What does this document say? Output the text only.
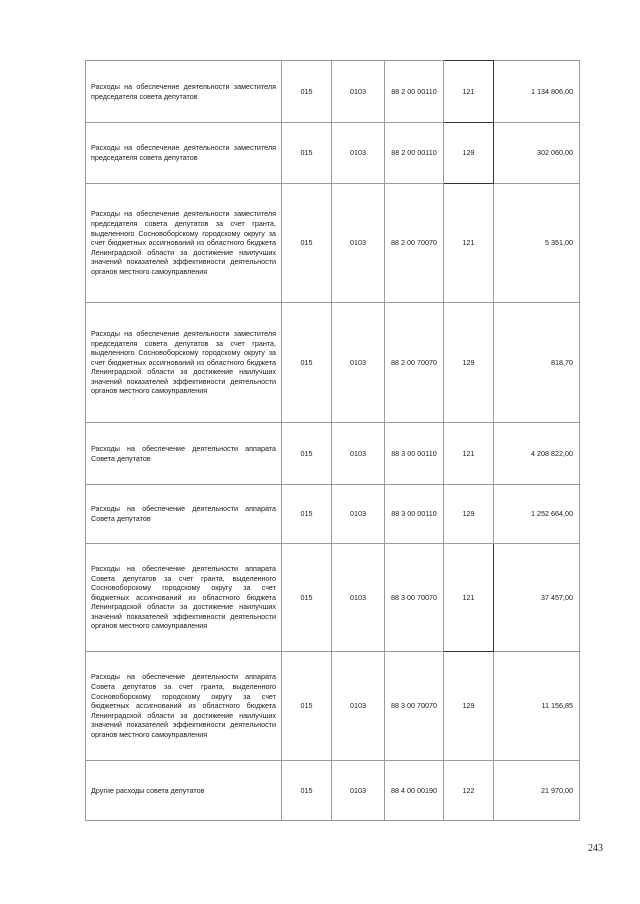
Расходы на обеспечение деятельности заместителя председателя совета депутатов	015	0103	88 2 00 00110	121	1 134 806,00
Расходы на обеспечение деятельности заместителя председателя совета депутатов	015	0103	88 2 00 00110	129	302 060,00
Расходы на обеспечение деятельности заместителя председателя совета депутатов за счет гранта, выделенного Сосновоборскому городскому округу за счет бюджетных ассигнований из областного бюджета Ленинградской области за достижение наилучших значений показателей эффективности деятельности органов местного самоуправления	015	0103	88 2 00 70070	121	5 351,00
Расходы на обеспечение деятельности заместителя председателя совета депутатов за счет гранта, выделенного Сосновоборскому городскому округу за счет бюджетных ассигнований из областного бюджета Ленинградской области за достижение наилучших значений показателей эффективности деятельности органов местного самоуправления	015	0103	88 2 00 70070	129	818,70
Расходы на обеспечение деятельности аппарата Совета депутатов	015	0103	88 3 00 00110	121	4 208 822,00
Расходы на обеспечение деятельности аппарата Совета депутатов	015	0103	88 3 00 00110	129	1 252 664,00
Расходы на обеспечение деятельности аппарата Совета депутатов за счет гранта, выделенного Сосновоборскому городскому округу за счет бюджетных ассигнований из областного бюджета Ленинградской области за достижение наилучших значений показателей эффективности деятельности органов местного самоуправления	015	0103	88 3 00 70070	121	37 457,00
Расходы на обеспечение деятельности аппарата Совета депутатов за счет гранта, выделенного Сосновоборскому городскому округу за счет бюджетных ассигнований из областного бюджета Ленинградской области за достижение наилучших значений показателей эффективности деятельности органов местного самоуправления	015	0103	88 3 00 70070	129	11 156,85
Другие расходы совета депутатов	015	0103	88 4 00 00190	122	21 970,00
243
